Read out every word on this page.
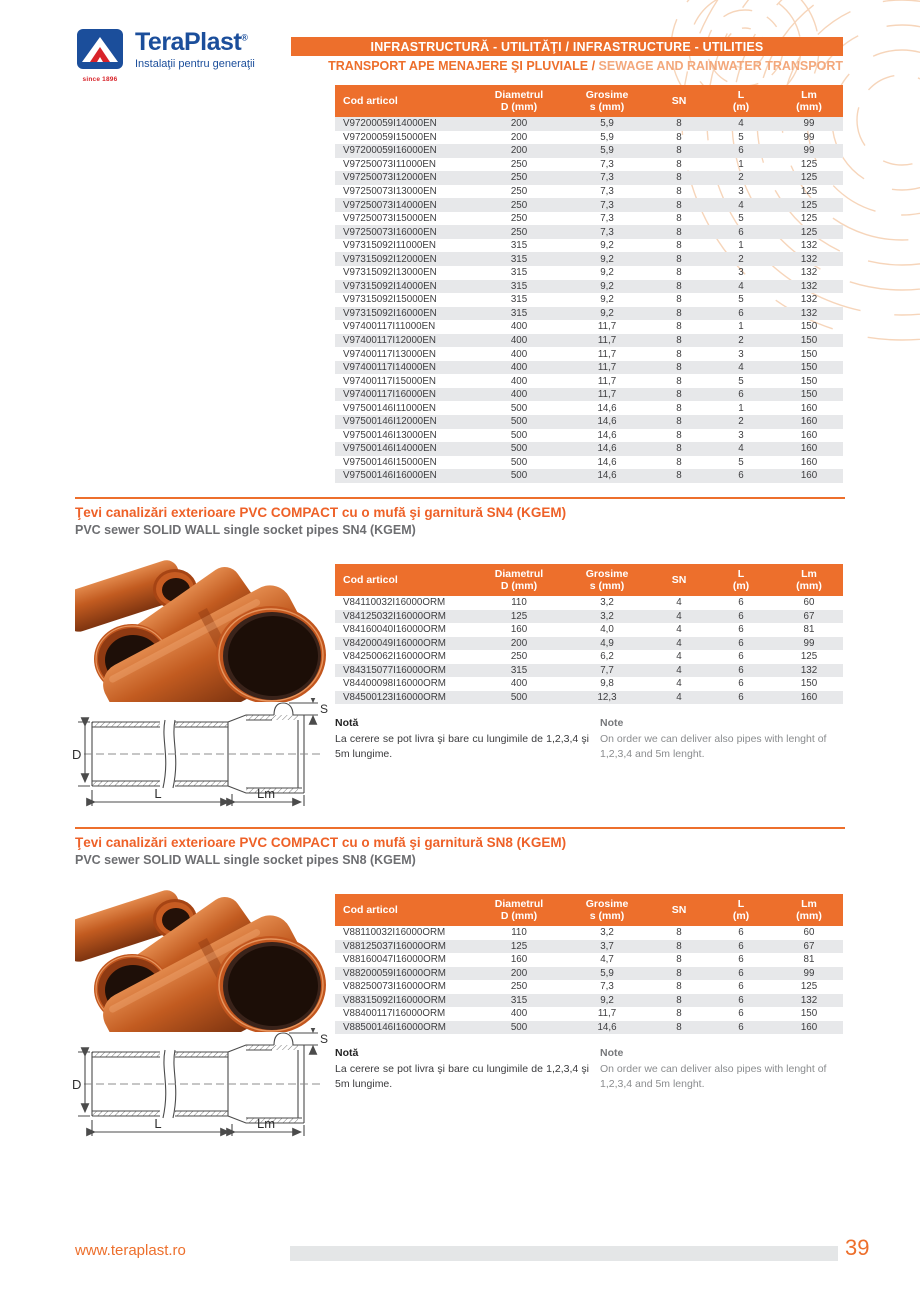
since 1896
TeraPlast®
Instalaţii pentru generaţii
INFRASTRUCTURĂ - UTILITĂŢI / INFRASTRUCTURE - UTILITIES
TRANSPORT APE MENAJERE ŞI PLUVIALE / SEWAGE AND RAINWATER TRANSPORT
Cod articol
Diametrul
D (mm)
Grosime
s (mm)
SN
L
(m)
Lm
(mm)
V97200059I14000EN	200	5,9	8	4	99
V97200059I15000EN	200	5,9	8	5	99
V97200059I16000EN	200	5,9	8	6	99
V97250073I11000EN	250	7,3	8	1	125
V97250073I12000EN	250	7,3	8	2	125
V97250073I13000EN	250	7,3	8	3	125
V97250073I14000EN	250	7,3	8	4	125
V97250073I15000EN	250	7,3	8	5	125
V97250073I16000EN	250	7,3	8	6	125
V97315092I11000EN	315	9,2	8	1	132
V97315092I12000EN	315	9,2	8	2	132
V97315092I13000EN	315	9,2	8	3	132
V97315092I14000EN	315	9,2	8	4	132
V97315092I15000EN	315	9,2	8	5	132
V97315092I16000EN	315	9,2	8	6	132
V97400117I11000EN	400	11,7	8	1	150
V97400117I12000EN	400	11,7	8	2	150
V97400117I13000EN	400	11,7	8	3	150
V97400117I14000EN	400	11,7	8	4	150
V97400117I15000EN	400	11,7	8	5	150
V97400117I16000EN	400	11,7	8	6	150
V97500146I11000EN	500	14,6	8	1	160
V97500146I12000EN	500	14,6	8	2	160
V97500146I13000EN	500	14,6	8	3	160
V97500146I14000EN	500	14,6	8	4	160
V97500146I15000EN	500	14,6	8	5	160
V97500146I16000EN	500	14,6	8	6	160
Ţevi canalizări exterioare PVC COMPACT cu o mufă şi garnitură SN4 (KGEM)
PVC sewer SOLID WALL single socket pipes SN4 (KGEM)
D
L	Lm
S
Cod articol
Diametrul
D (mm)
Grosime
s (mm)
SN
L
(m)
Lm
(mm)
V84110032I16000ORM	110	3,2	4	6	60
V84125032I16000ORM	125	3,2	4	6	67
V84160040I16000ORM	160	4,0	4	6	81
V84200049I16000ORM	200	4,9	4	6	99
V84250062I16000ORM	250	6,2	4	6	125
V84315077I16000ORM	315	7,7	4	6	132
V84400098I16000ORM	400	9,8	4	6	150
V84500123I16000ORM	500	12,3	4	6	160
Notă
La cerere se pot livra şi bare cu lungimile de 1,2,3,4 şi 5m lungime.
Note
On order we can deliver also pipes with lenght of 1,2,3,4 and 5m lenght.
Ţevi canalizări exterioare PVC COMPACT cu o mufă şi garnitură SN8 (KGEM)
PVC sewer SOLID WALL single socket pipes SN8 (KGEM)
D
L	Lm
S
Cod articol
Diametrul
D (mm)
Grosime
s (mm)
SN
L
(m)
Lm
(mm)
V88110032I16000ORM	110	3,2	8	6	60
V88125037I16000ORM	125	3,7	8	6	67
V88160047I16000ORM	160	4,7	8	6	81
V88200059I16000ORM	200	5,9	8	6	99
V88250073I16000ORM	250	7,3	8	6	125
V88315092I16000ORM	315	9,2	8	6	132
V88400117I16000ORM	400	11,7	8	6	150
V88500146I16000ORM	500	14,6	8	6	160
Notă
La cerere se pot livra şi bare cu lungimile de 1,2,3,4 şi 5m lungime.
Note
On order we can deliver also pipes with lenght of 1,2,3,4 and 5m lenght.
www.teraplast.ro	39
